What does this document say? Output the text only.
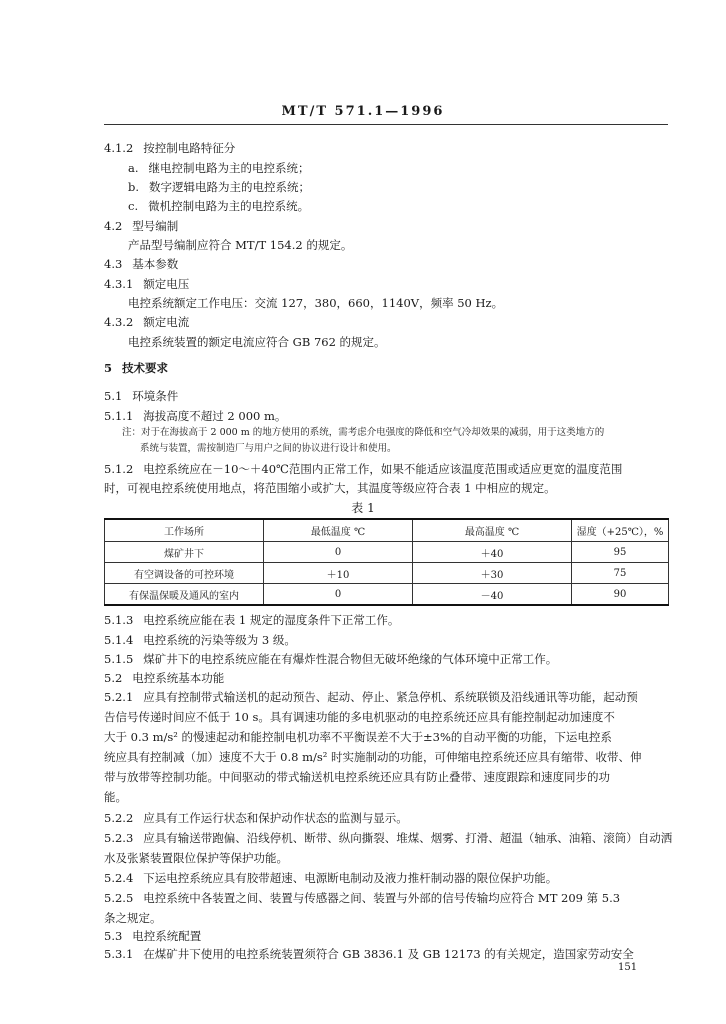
MT/T 571.1—1996
4.1.2 按控制电路特征分
a. 继电控制电路为主的电控系统；
b. 数字逻辑电路为主的电控系统；
c. 微机控制电路为主的电控系统。
4.2 型号编制
产品型号编制应符合 MT/T 154.2 的规定。
4.3 基本参数
4.3.1 额定电压
电控系统额定工作电压：交流 127，380，660，1140V，频率 50 Hz。
4.3.2 额定电流
电控系统装置的额定电流应符合 GB 762 的规定。
5 技术要求
5.1 环境条件
5.1.1 海拔高度不超过 2 000 m。
注：对于在海拔高于 2 000 m 的地方使用的系统，需考虑介电强度的降低和空气冷却效果的减弱，用于这类地方的
系统与装置，需按制造厂与用户之间的协议进行设计和使用。
5.1.2 电控系统应在－10～＋40℃范围内正常工作，如果不能适应该温度范围或适应更宽的温度范围
时，可视电控系统使用地点，将范围缩小或扩大，其温度等级应符合表 1 中相应的规定。
表 1
工作场所	最低温度 ℃	最高温度 ℃	湿度（+25℃），%
煤矿井下	0	＋40	95
有空调设备的可控环境	＋10	＋30	75
有保温保暖及通风的室内	0	－40	90
5.1.3 电控系统应能在表 1 规定的湿度条件下正常工作。
5.1.4 电控系统的污染等级为 3 级。
5.1.5 煤矿井下的电控系统应能在有爆炸性混合物但无破坏绝缘的气体环境中正常工作。
5.2 电控系统基本功能
5.2.1 应具有控制带式输送机的起动预告、起动、停止、紧急停机、系统联锁及沿线通讯等功能，起动预
告信号传递时间应不低于 10 s。具有调速功能的多电机驱动的电控系统还应具有能控制起动加速度不
大于 0.3 m/s² 的慢速起动和能控制电机功率不平衡误差不大于±3%的自动平衡的功能，下运电控系
统应具有控制减（加）速度不大于 0.8 m/s² 时实施制动的功能，可伸缩电控系统还应具有缩带、收带、伸
带与放带等控制功能。中间驱动的带式输送机电控系统还应具有防止叠带、速度跟踪和速度同步的功
能。
5.2.2 应具有工作运行状态和保护动作状态的监测与显示。
5.2.3 应具有输送带跑偏、沿线停机、断带、纵向撕裂、堆煤、烟雾、打滑、超温（轴承、油箱、滚筒）自动洒
水及张紧装置限位保护等保护功能。
5.2.4 下运电控系统应具有胶带超速、电源断电制动及液力推杆制动器的限位保护功能。
5.2.5 电控系统中各装置之间、装置与传感器之间、装置与外部的信号传输均应符合 MT 209 第 5.3
条之规定。
5.3 电控系统配置
5.3.1 在煤矿井下使用的电控系统装置须符合 GB 3836.1 及 GB 12173 的有关规定，造国家劳动安全
151
